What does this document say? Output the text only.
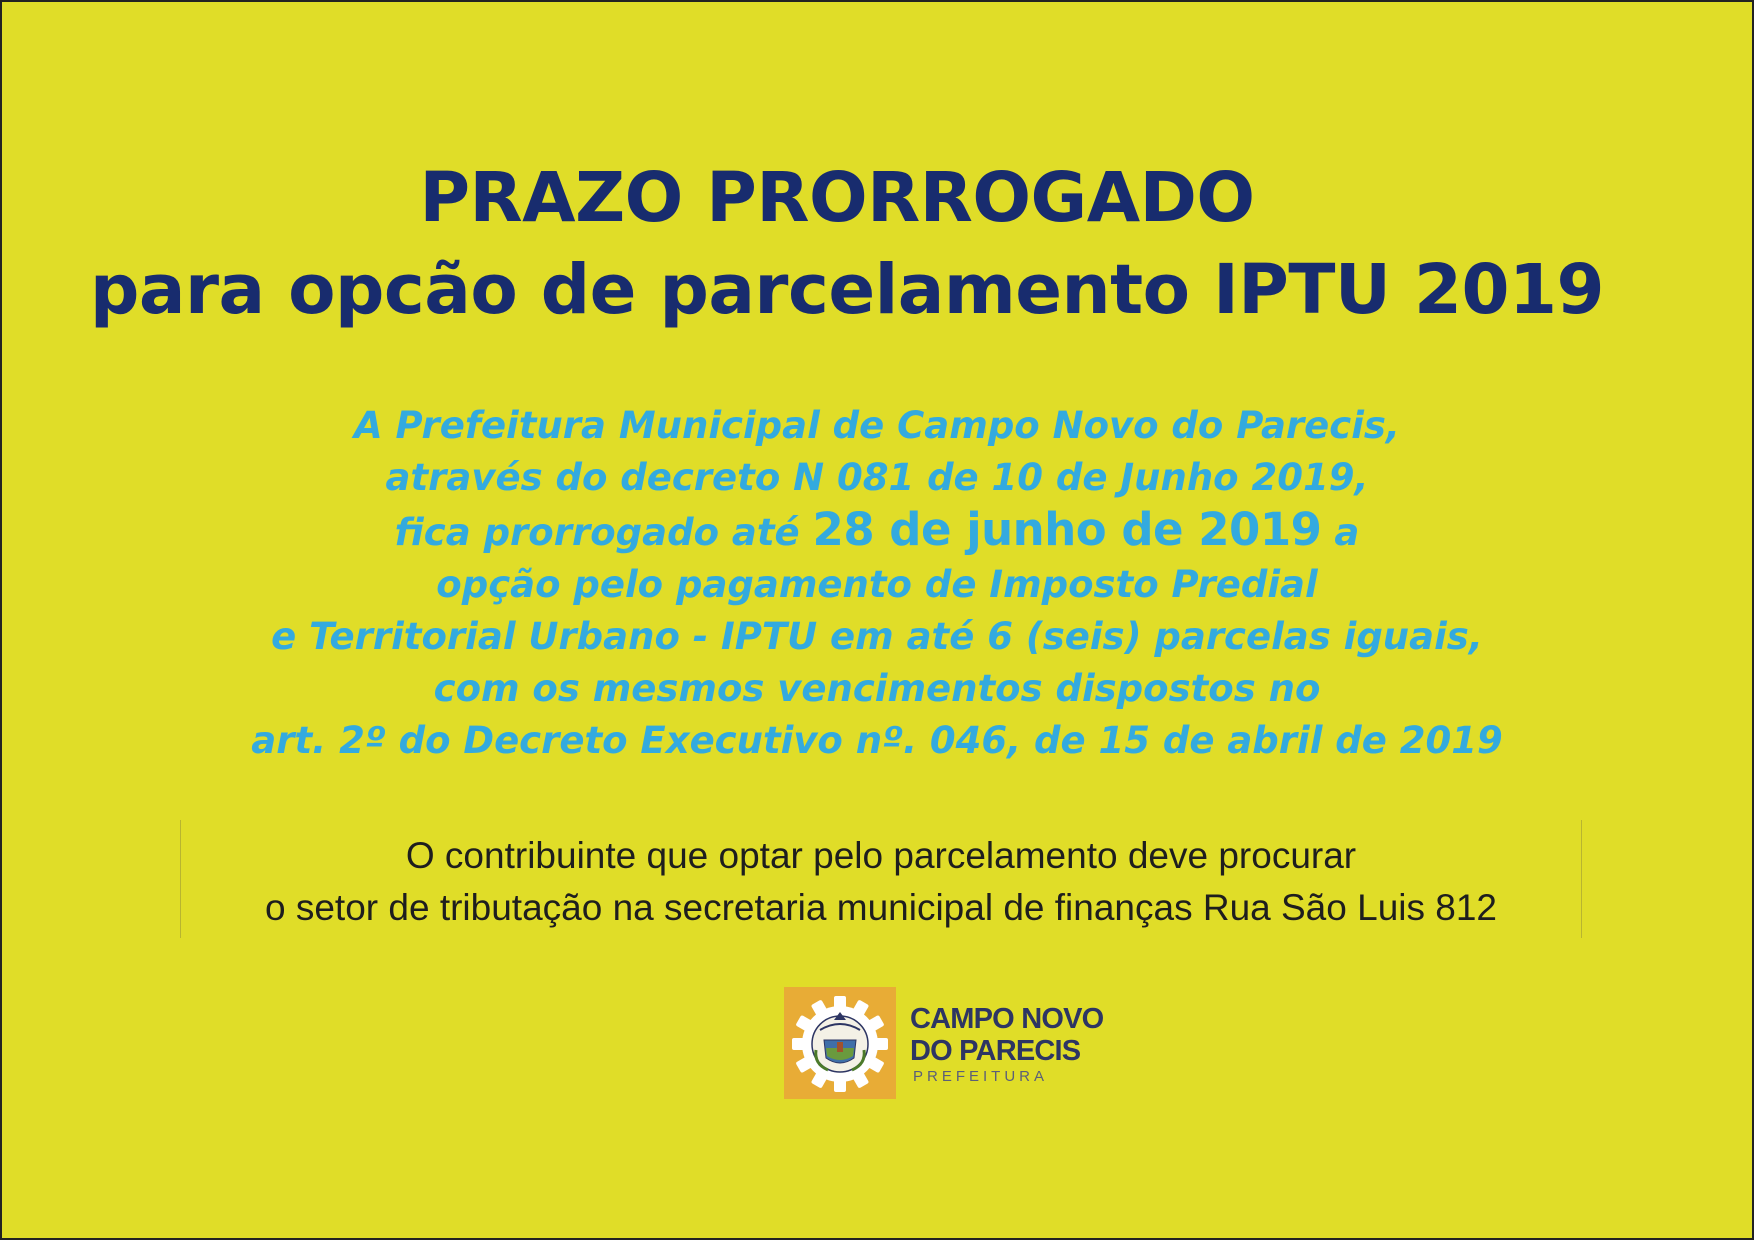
PRAZO PRORROGADO
para opcão de parcelamento IPTU 2019
A Prefeitura Municipal de Campo Novo do Parecis,
através do decreto N 081 de 10 de Junho 2019,
fica prorrogado até 28 de junho de 2019 a
opção pelo pagamento de Imposto Predial
e Territorial Urbano - IPTU em até 6 (seis) parcelas iguais,
com os mesmos vencimentos dispostos no
art. 2º do Decreto Executivo nº. 046, de 15 de abril de 2019
O contribuinte que optar pelo parcelamento deve procurar
o setor de tributação na secretaria municipal de finanças Rua São Luis 812
CAMPO NOVO
DO PARECIS
PREFEITURA
